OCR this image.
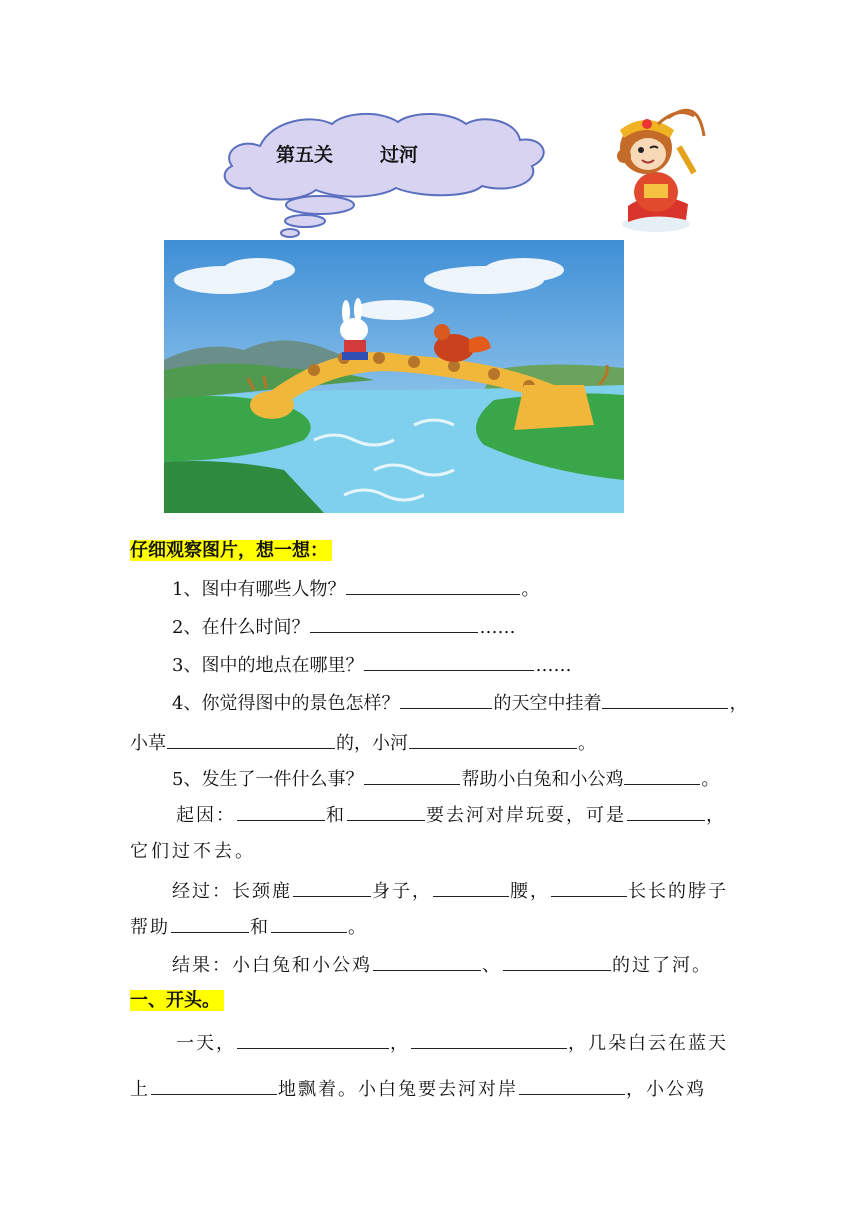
第五关 过河
仔细观察图片，想一想：
1、图中有哪些人物？	。
2、在什么时间？	……
3、图中的地点在哪里？	……
4、你觉得图中的景色怎样？	的天空中挂着	，
小草	的，小河	。
5、发生了一件什么事？	帮助小白兔和小公鸡	。
起因：	和	要去河对岸玩耍，可是	，
它们过不去。
经过：长颈鹿	身子，	腰，	长长的脖子
帮助	和	。
结果：小白兔和小公鸡	、	的过了河。
一、开头。
一天，	，	，几朵白云在蓝天
上	地飘着。小白兔要去河对岸	，小公鸡
